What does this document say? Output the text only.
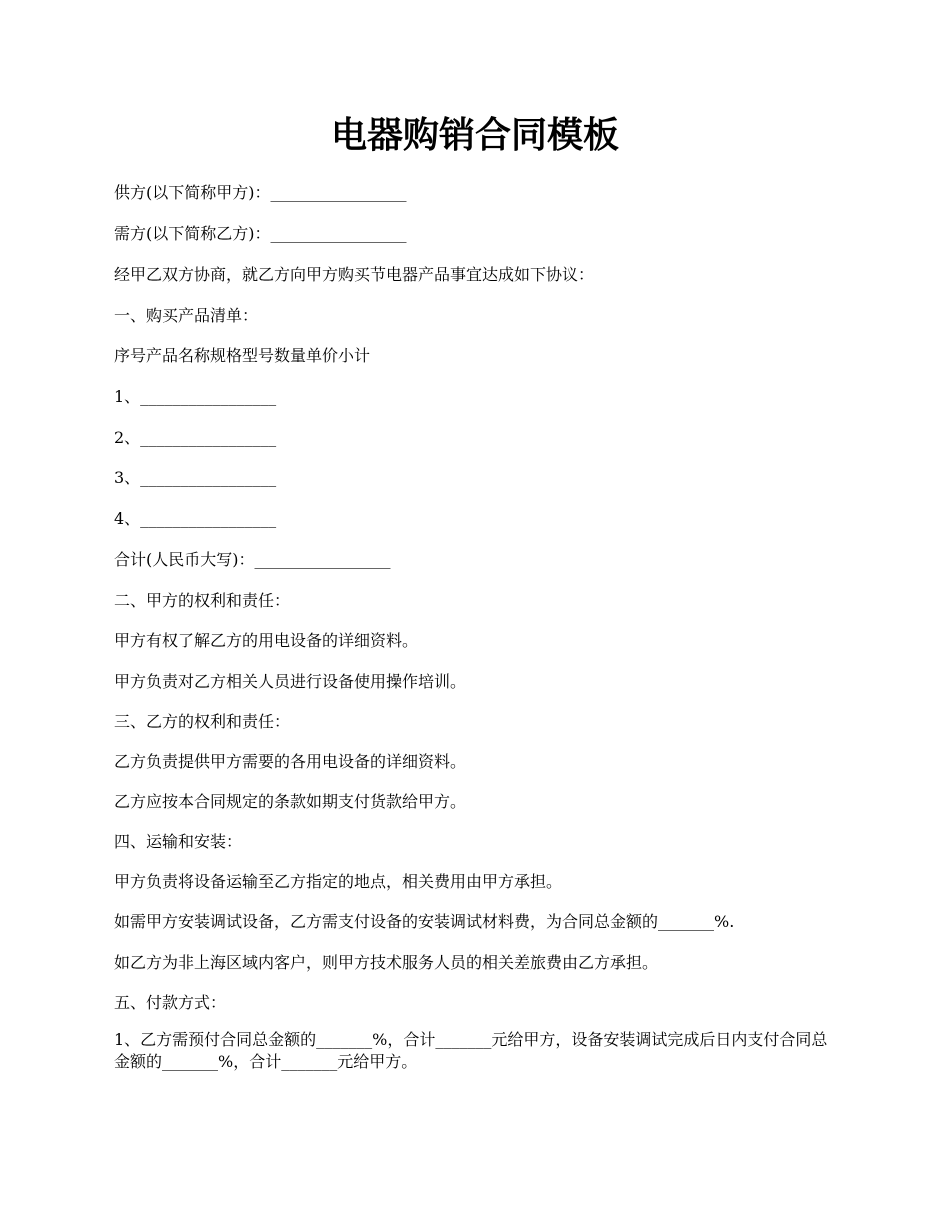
电器购销合同模板
供方(以下简称甲方)：_________________
需方(以下简称乙方)：_________________
经甲乙双方协商，就乙方向甲方购买节电器产品事宜达成如下协议：
一、购买产品清单：
序号产品名称规格型号数量单价小计
1、_________________
2、_________________
3、_________________
4、_________________
合计(人民币大写)：_________________
二、甲方的权利和责任：
甲方有权了解乙方的用电设备的详细资料。
甲方负责对乙方相关人员进行设备使用操作培训。
三、乙方的权利和责任：
乙方负责提供甲方需要的各用电设备的详细资料。
乙方应按本合同规定的条款如期支付货款给甲方。
四、运输和安装：
甲方负责将设备运输至乙方指定的地点，相关费用由甲方承担。
如需甲方安装调试设备，乙方需支付设备的安装调试材料费，为合同总金额的_______%.
如乙方为非上海区域内客户，则甲方技术服务人员的相关差旅费由乙方承担。
五、付款方式：
1、乙方需预付合同总金额的_______%，合计_______元给甲方，设备安装调试完成后日内支付合同总金额的_______%，合计_______元给甲方。
